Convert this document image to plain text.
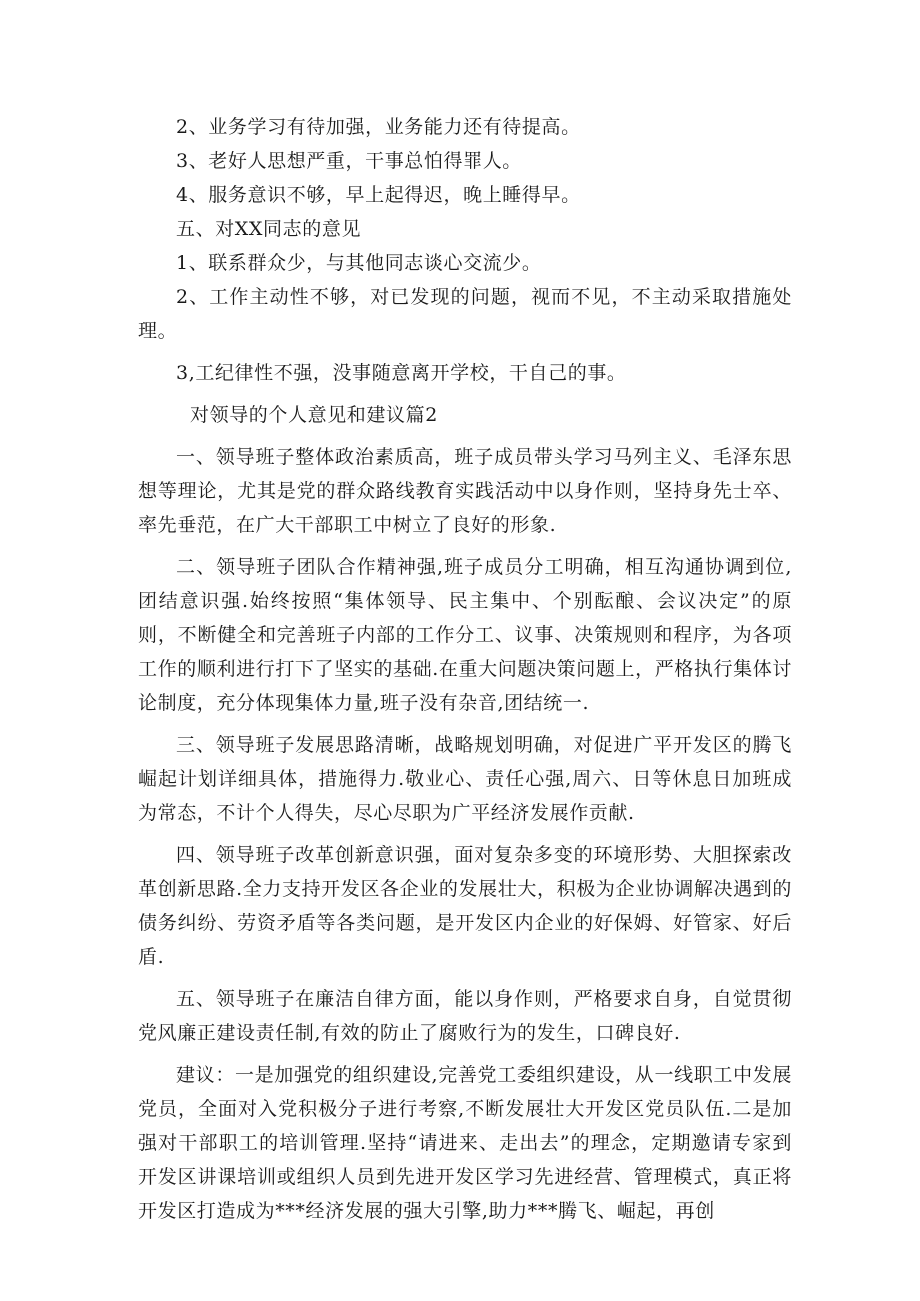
2、业务学习有待加强，业务能力还有待提高。
3、老好人思想严重，干事总怕得罪人。
4、服务意识不够，早上起得迟，晚上睡得早。
五、对XX同志的意见
1、联系群众少，与其他同志谈心交流少。

2、工作主动性不够，对已发现的问题，视而不见，不主动采取措施处理。

3,工纪律性不强，没事随意离开学校，干自己的事。
对领导的个人意见和建议篇2

一、领导班子整体政治素质高，班子成员带头学习马列主义、毛泽东思想等理论，尤其是党的群众路线教育实践活动中以身作则，坚持身先士卒、率先垂范，在广大干部职工中树立了良好的形象.

二、领导班子团队合作精神强,班子成员分工明确，相互沟通协调到位,团结意识强.始终按照“集体领导、民主集中、个别酝酿、会议决定”的原则，不断健全和完善班子内部的工作分工、议事、决策规则和程序，为各项工作的顺利进行打下了坚实的基础.在重大问题决策问题上，严格执行集体讨论制度，充分体现集体力量,班子没有杂音,团结统一.

三、领导班子发展思路清晰，战略规划明确，对促进广平开发区的腾飞崛起计划详细具体，措施得力.敬业心、责任心强,周六、日等休息日加班成为常态，不计个人得失，尽心尽职为广平经济发展作贡献.

四、领导班子改革创新意识强，面对复杂多变的环境形势、大胆探索改革创新思路.全力支持开发区各企业的发展壮大，积极为企业协调解决遇到的债务纠纷、劳资矛盾等各类问题，是开发区内企业的好保姆、好管家、好后盾.

五、领导班子在廉洁自律方面，能以身作则，严格要求自身，自觉贯彻党风廉正建设责任制,有效的防止了腐败行为的发生，口碑良好.

建议：一是加强党的组织建设,完善党工委组织建设，从一线职工中发展党员，全面对入党积极分子进行考察,不断发展壮大开发区党员队伍.二是加强对干部职工的培训管理.坚持“请进来、走出去”的理念，定期邀请专家到开发区讲课培训或组织人员到先进开发区学习先进经营、管理模式，真正将开发区打造成为***经济发展的强大引擎,助力***腾飞、崛起，再创
